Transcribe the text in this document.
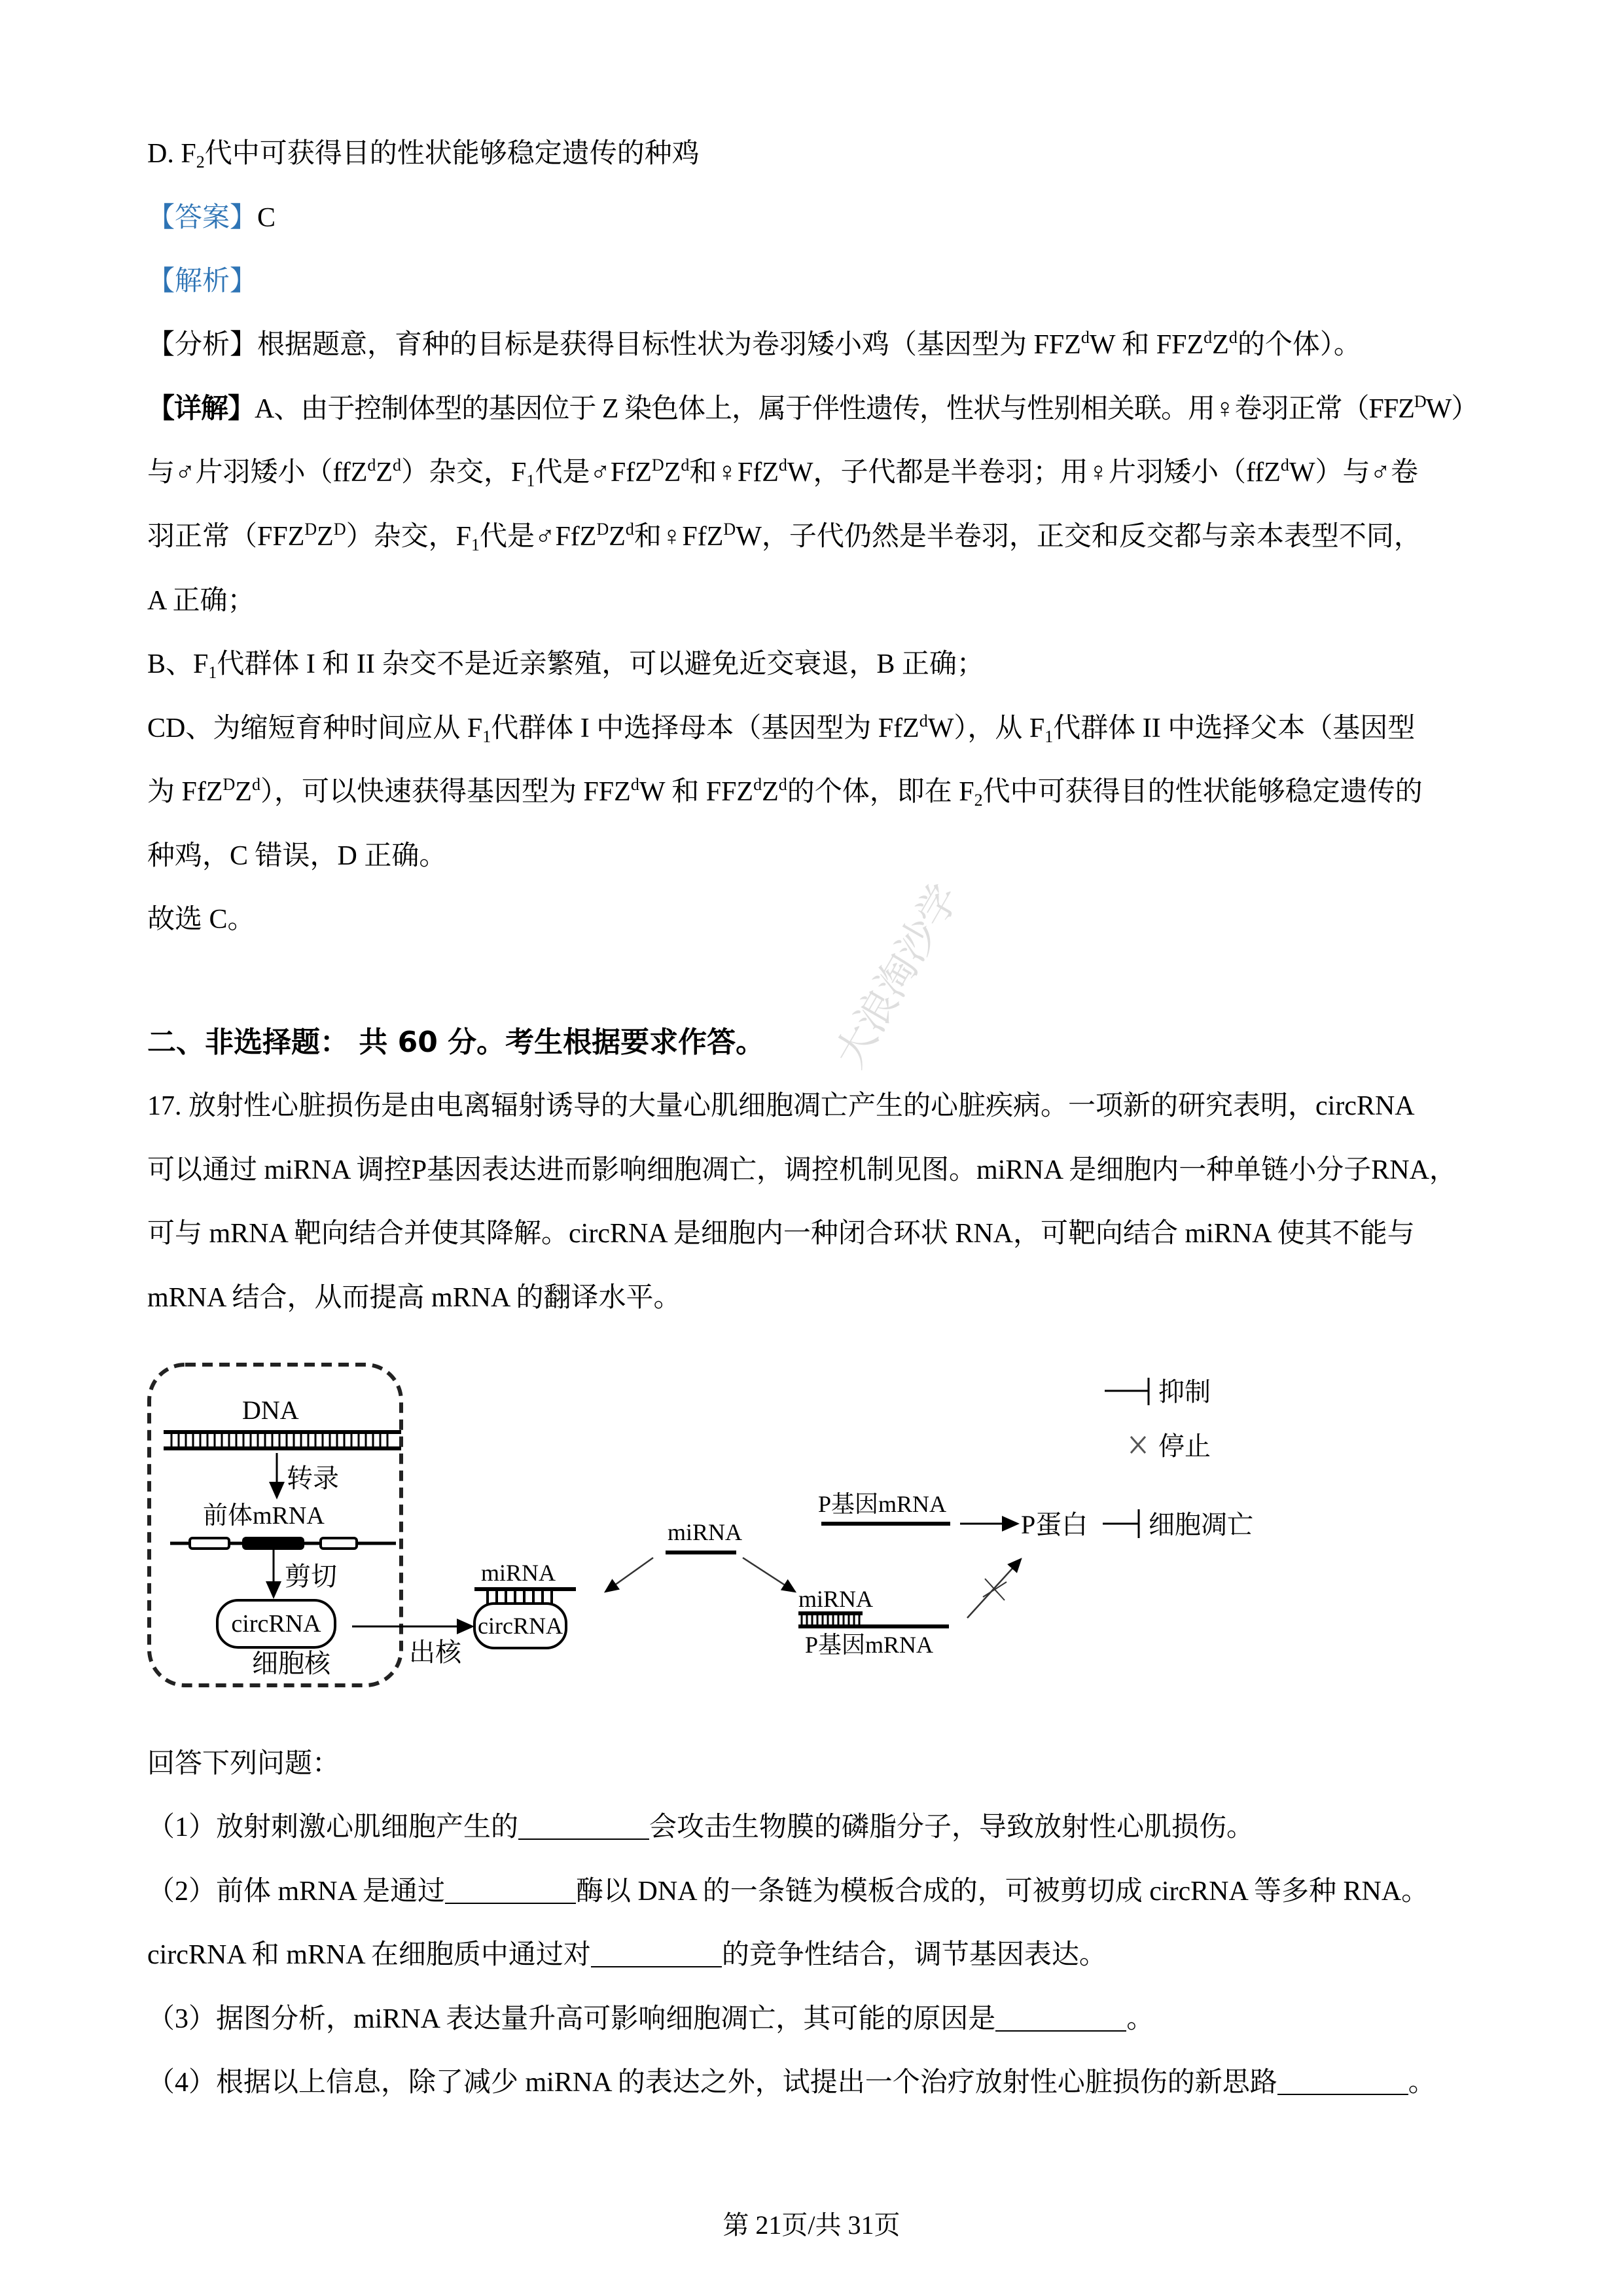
大浪淘沙学
D. $F_2$代中可获得目的性状能够稳定遗传的种鸡
【答案】C
【解析】
【分析】根据题意，育种的目标是获得目标性状为卷羽矮小鸡（基因型为 FFZ$^d$W 和 $FFZ^dZ^d$的个体）。
【详解】A、由于控制体型的基因位于 Z 染色体上，属于伴性遗传，性状与性别相关联。用♀卷羽正常$(FFZ^DW)$
与♂片羽矮小$(ffZ^dZ^d)$杂交，$F_1$代是$♂FfZ^DZ^d$和♀FfZ$^d$W，子代都是半卷羽；用♀片羽矮小（ffZ$^d$W）与♂卷
羽正常$(FFZ^DZ^D)$杂交，$F_1$代是$♂FfZ^DZ^d$和♀FfZ$^D$W，子代仍然是半卷羽，正交和反交都与亲本表型不同，
A 正确；
B、$F_1$代群体 I 和 II 杂交不是近亲繁殖，可以避免近交衰退，B 正确；
CD、为缩短育种时间应从 $F_1$代群体 I 中选择母本（基因型为 FfZ$^d$W），从 $F_1$代群体 II 中选择父本（基因型
为 $FfZ^DZ^d$），可以快速获得基因型为 FFZ$^d$W 和 $FFZ^dZ^d$的个体，即在 $F_2$代中可获得目的性状能够稳定遗传的
种鸡，C 错误，D 正确。
故选 C。
二、非选择题： 共 60 分。考生根据要求作答。
17. 放射性心脏损伤是由电离辐射诱导的大量心肌细胞凋亡产生的心脏疾病。一项新的研究表明，circRNA
可以通过 miRNA 调控P基因表达进而影响细胞凋亡，调控机制见图。miRNA 是细胞内一种单链小分子RNA，
可与 mRNA 靶向结合并使其降解。circRNA 是细胞内一种闭合环状 RNA，可靶向结合 miRNA 使其不能与
mRNA 结合，从而提高 mRNA 的翻译水平。
DNA
转录
前体mRNA
剪切
circRNA
细胞核	出核
miRNA
circRNA
miRNA
P基因mRNA
P蛋白 细胞凋亡
miRNA
P基因mRNA
抑制
停止
回答下列问题：
（1）放射刺激心肌细胞产生的	会攻击生物膜的磷脂分子，导致放射性心肌损伤。
（2）前体 mRNA 是通过	酶以 DNA 的一条链为模板合成的，可被剪切成 circRNA 等多种 RNA。
circRNA 和 mRNA 在细胞质中通过对	的竞争性结合，调节基因表达。
（3）据图分析，miRNA 表达量升高可影响细胞凋亡，其可能的原因是	。
（4）根据以上信息，除了减少 miRNA 的表达之外，试提出一个治疗放射性心脏损伤的新思路	。
第 21页/共 31页
